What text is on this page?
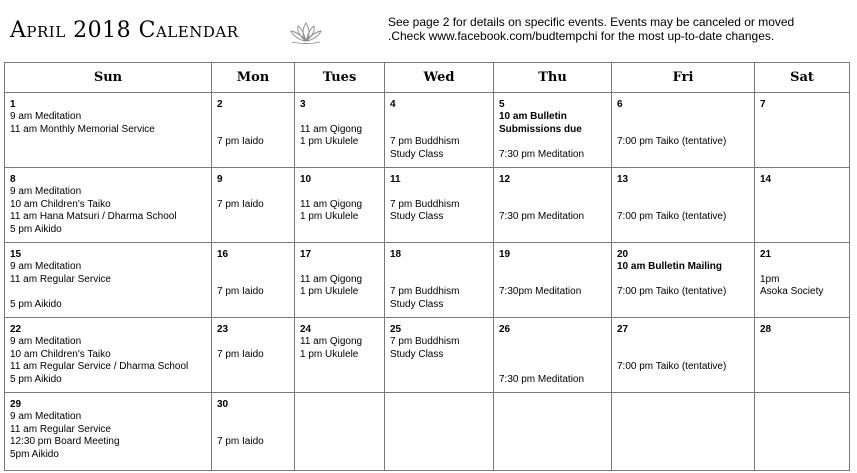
April 2018 Calendar	See page 2 for details on specific events. Events may be canceled or moved
.Check www.facebook.com/budtempchi for the most up-to-date changes.
Sun	Mon	Tues	Wed	Thu	Fri	Sat

1
9 am Meditation
11 am Monthly Memorial Service	2
7 pm Iaido	3
11 am Qigong
1 pm Ukulele	4
7 pm Buddhism
Study Class	5
10 am Bulletin
Submissions due
7:30 pm Meditation	6
7:00 pm Taiko (tentative)	7

8
9 am Meditation
10 am Children's Taiko
11 am Hana Matsuri / Dharma School
5 pm Aikido	9
7 pm Iaido	10
11 am Qigong
1 pm Ukulele	11
7 pm Buddhism
Study Class	12
7:30 pm Meditation	13
7:00 pm Taiko (tentative)	14

15
9 am Meditation
11 am Regular Service
5 pm Aikido	16
7 pm Iaido	17
11 am Qigong
1 pm Ukulele	18
7 pm Buddhism
Study Class	19
7:30pm Meditation	20
10 am Bulletin Mailing
7:00 pm Taiko (tentative)	21
1pm
Asoka Society

22
9 am Meditation
10 am Children's Taiko
11 am Regular Service / Dharma School
5 pm Aikido	23
7 pm Iaido	24
11 am Qigong
1 pm Ukulele	25
7 pm Buddhism
Study Class	26
7:30 pm Meditation	27
7:00 pm Taiko (tentative)	28

29
9 am Meditation
11 am Regular Service
12:30 pm Board Meeting
5pm Aikido	30
7 pm Iaido					
